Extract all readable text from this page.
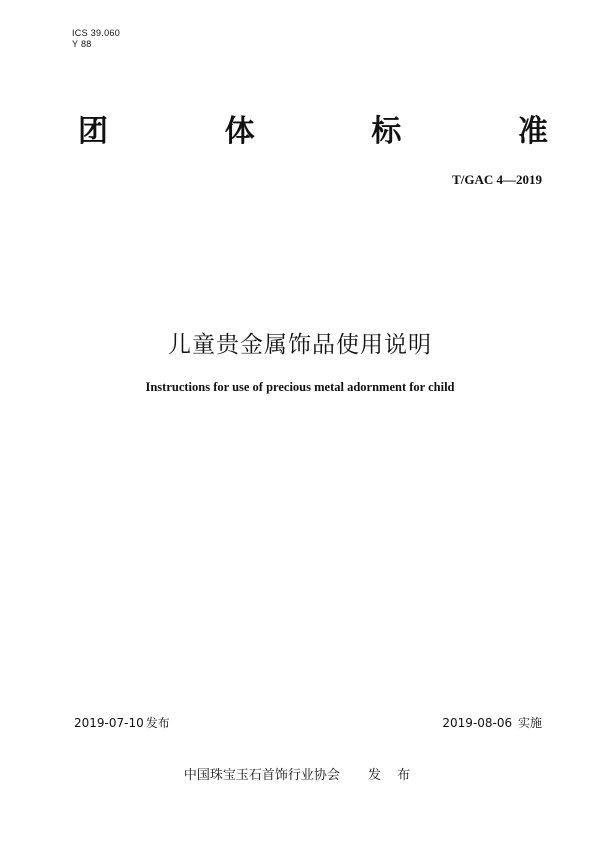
ICS 39.060
Y 88
团	体	标	准
T/GAC 4—2019
儿童贵金属饰品使用说明
Instructions for use of precious metal adornment for child
2019-07-10 发布	2019-08-06 实施
中国珠宝玉石首饰行业协会 发 布
